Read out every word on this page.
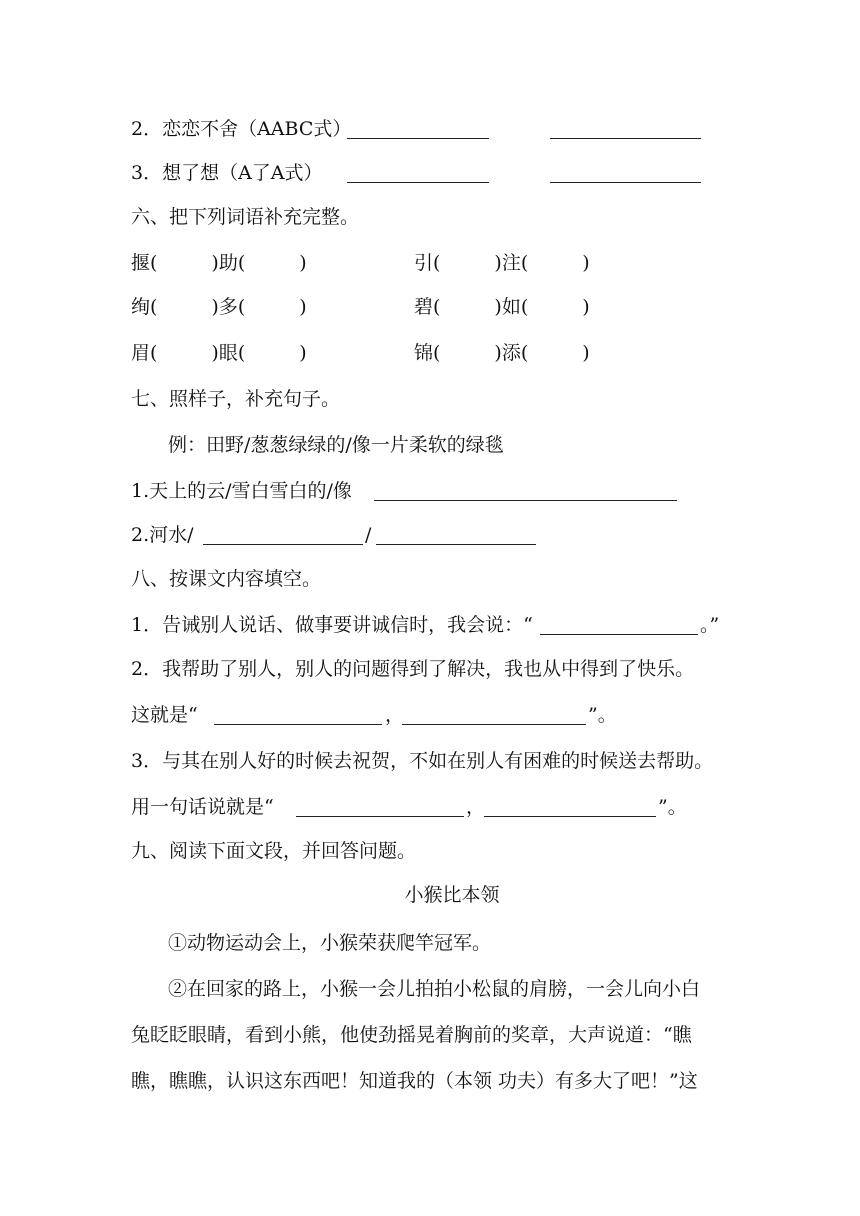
2．恋恋不舍（AABC式）
3．想了想（A了A式）
六、把下列词语补充完整。
揠(	)助(	)	引(	)注(	)
绚(	)多(	)	碧(	)如(	)
眉(	)眼(	)	锦(	)添(	)
七、照样子，补充句子。
例：田野/葱葱绿绿的/像一片柔软的绿毯
1.天上的云/雪白雪白的/像
2.河水/	/
八、按课文内容填空。
1．告诫别人说话、做事要讲诚信时，我会说：“	。”
2．我帮助了别人，别人的问题得到了解决，我也从中得到了快乐。
这就是“	，	”。
3．与其在别人好的时候去祝贺，不如在别人有困难的时候送去帮助。
用一句话说就是“	，	”。
九、阅读下面文段，并回答问题。
小猴比本领
①动物运动会上，小猴荣获爬竿冠军。
②在回家的路上，小猴一会儿拍拍小松鼠的肩膀，一会儿向小白
兔眨眨眼睛，看到小熊，他使劲摇晃着胸前的奖章，大声说道：“瞧
瞧，瞧瞧，认识这东西吧！知道我的（本领 功夫）有多大了吧！”这
